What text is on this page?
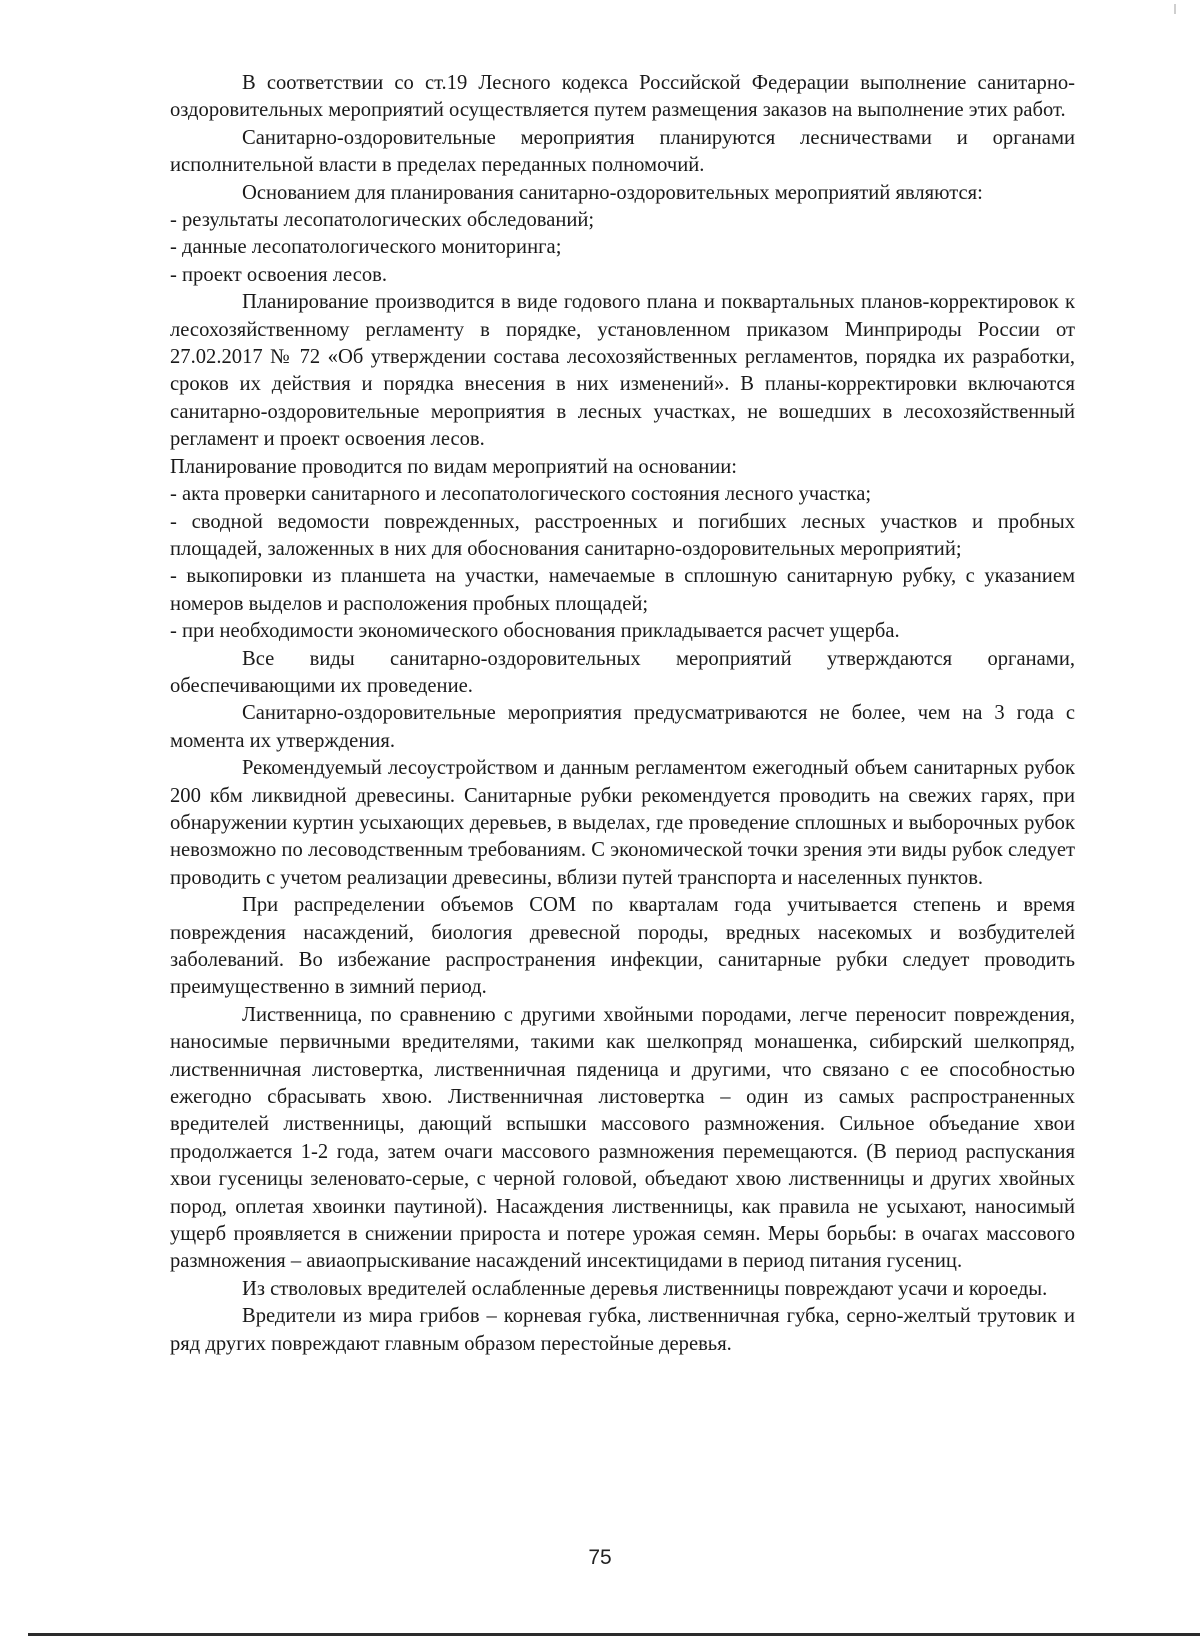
В соответствии со ст.19 Лесного кодекса Российской Федерации выполнение санитарно-оздоровительных мероприятий осуществляется путем размещения заказов на выполнение этих работ.

Санитарно-оздоровительные мероприятия планируются лесничествами и органами исполнительной власти в пределах переданных полномочий.

Основанием для планирования санитарно-оздоровительных мероприятий являются:

- результаты лесопатологических обследований;

- данные лесопатологического мониторинга;

- проект освоения лесов.

Планирование производится в виде годового плана и поквартальных планов-корректировок к лесохозяйственному регламенту в порядке, установленном приказом Минприроды России от 27.02.2017 № 72 «Об утверждении состава лесохозяйственных регламентов, порядка их разработки, сроков их действия и порядка внесения в них изменений». В планы-корректировки включаются санитарно-оздоровительные мероприятия в лесных участках, не вошедших в лесохозяйственный регламент и проект освоения лесов.

Планирование проводится по видам мероприятий на основании:

- акта проверки санитарного и лесопатологического состояния лесного участка;

- сводной ведомости поврежденных, расстроенных и погибших лесных участков и пробных площадей, заложенных в них для обоснования санитарно-оздоровительных мероприятий;

- выкопировки из планшета на участки, намечаемые в сплошную санитарную рубку, с указанием номеров выделов и расположения пробных площадей;

- при необходимости экономического обоснования прикладывается расчет ущерба.

Все виды санитарно-оздоровительных мероприятий утверждаются органами, обеспечивающими их проведение.

Санитарно-оздоровительные мероприятия предусматриваются не более, чем на 3 года с момента их утверждения.

Рекомендуемый лесоустройством и данным регламентом ежегодный объем санитарных рубок 200 кбм ликвидной древесины. Санитарные рубки рекомендуется проводить на свежих гарях, при обнаружении куртин усыхающих деревьев, в выделах, где проведение сплошных и выборочных рубок невозможно по лесоводственным требованиям. С экономической точки зрения эти виды рубок следует проводить с учетом реализации древесины, вблизи путей транспорта и населенных пунктов.

При распределении объемов СОМ по кварталам года учитывается степень и время повреждения насаждений, биология древесной породы, вредных насекомых и возбудителей заболеваний. Во избежание распространения инфекции, санитарные рубки следует проводить преимущественно в зимний период.

Лиственница, по сравнению с другими хвойными породами, легче переносит повреждения, наносимые первичными вредителями, такими как шелкопряд монашенка, сибирский шелкопряд, лиственничная листовертка, лиственничная пяденица и другими, что связано с ее способностью ежегодно сбрасывать хвою. Лиственничная листовертка – один из самых распространенных вредителей лиственницы, дающий вспышки массового размножения. Сильное объедание хвои продолжается 1-2 года, затем очаги массового размножения перемещаются. (В период распускания хвои гусеницы зеленовато-серые, с черной головой, объедают хвою лиственницы и других хвойных пород, оплетая хвоинки паутиной). Насаждения лиственницы, как правила не усыхают, наносимый ущерб проявляется в снижении прироста и потере урожая семян. Меры борьбы: в очагах массового размножения – авиаопрыскивание насаждений инсектицидами в период питания гусениц.

Из стволовых вредителей ослабленные деревья лиственницы повреждают усачи и короеды.

Вредители из мира грибов – корневая губка, лиственничная губка, серно-желтый трутовик и ряд других повреждают главным образом перестойные деревья.

75
